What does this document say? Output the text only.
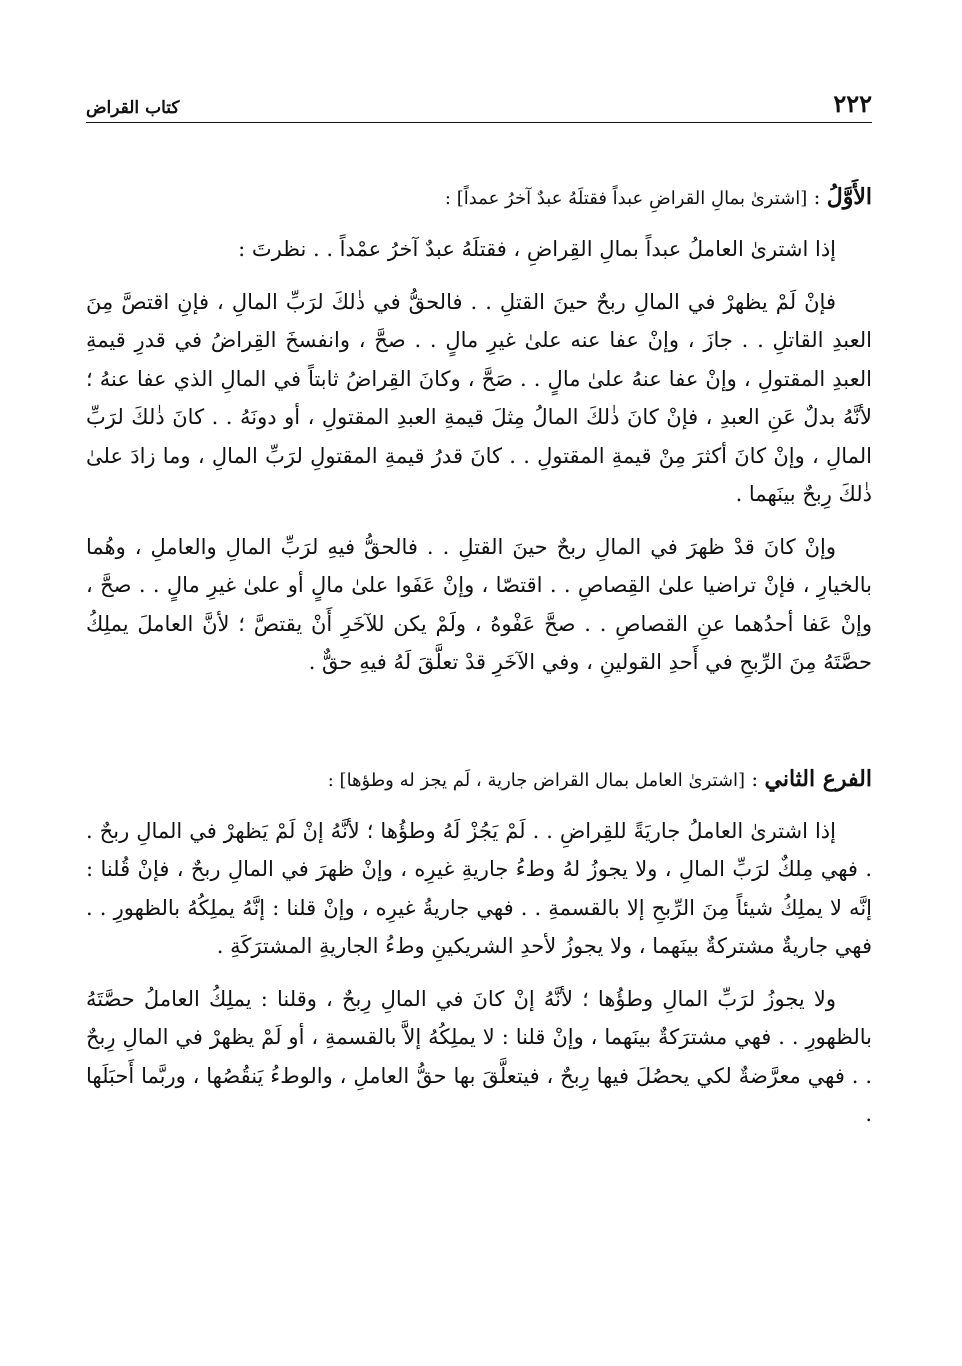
٢٢٢
كتاب القراض
الأَوَّلُ : [اشترىٰ بمالِ القراضِ عبداً فقتلَهُ عبدٌ آخرُ عمداً] :

إذا اشترىٰ العاملُ عبداً بمالِ القِراضِ ، فقتلَهُ عبدٌ آخرُ عمْداً . . نظرتَ :

فإنْ لَمْ يظهرْ في المالِ ربحٌ حينَ القتلِ . . فالحقُّ في ذٰلكَ لرَبِّ المالِ ، فإنِ اقتصَّ مِنَ العبدِ القاتلِ . . جازَ ، وإنْ عفا عنه علىٰ غيرِ مالٍ . . صحَّ ، وانفسخَ القِراضُ في قدرِ قيمةِ العبدِ المقتولِ ، وإنْ عفا عنهُ علىٰ مالٍ . . صَحَّ ، وكانَ القِراضُ ثابتاً في المالِ الذي عفا عنهُ ؛ لأنَّهُ بدلٌ عَنِ العبدِ ، فإنْ كانَ ذٰلكَ المالُ مِثلَ قيمةِ العبدِ المقتولِ ، أو دونَهُ . . كانَ ذٰلكَ لرَبِّ المالِ ، وإنْ كانَ أكثرَ مِنْ قيمةِ المقتولِ . . كانَ قدرُ قيمةِ المقتولِ لرَبِّ المالِ ، وما زادَ علىٰ ذٰلكَ رِبحٌ بينَهما .

وإنْ كانَ قدْ ظهرَ في المالِ ربحٌ حينَ القتلِ . . فالحقُّ فيهِ لرَبِّ المالِ والعاملِ ، وهُما بالخيارِ ، فإنْ تراضيا علىٰ القِصاصِ . . اقتصّا ، وإنْ عَفَوا علىٰ مالٍ أو علىٰ غيرِ مالٍ . . صحَّ ، وإنْ عَفا أحدُهما عنِ القصاصِ . . صحَّ عَفْوهُ ، ولَمْ يكن للآخَرِ أَنْ يقتصَّ ؛ لأنَّ العاملَ يملِكُ حصَّتَهُ مِنَ الرِّبحِ في أَحدِ القولينِ ، وفي الآخَرِ قدْ تعلَّقَ لَهُ فيهِ حقٌّ .

الفرع الثاني : [اشترىٰ العامل بمال القراض جارية ، لَم يجز له وطؤها] :

إذا اشترىٰ العاملُ جاريَةً للقِراضِ . . لَمْ يَجُزْ لَهُ وطؤُها ؛ لأنَّهُ إنْ لَمْ يَظهرْ في المالِ ربحٌ . . فهي مِلكٌ لرَبِّ المالِ ، ولا يجوزُ لهُ وطءُ جاريةِ غيرِه ، وإنْ ظهرَ في المالِ ربحٌ ، فإنْ قُلنا : إنَّه لا يملِكُ شيئاً مِنَ الرِّبحِ إلا بالقسمةِ . . فهي جاريةُ غيرِه ، وإنْ قلنا : إنَّهُ يملِكُهُ بالظهورِ . . فهي جاريةٌ مشتركةٌ بينَهما ، ولا يجوزُ لأحدِ الشريكينِ وطءُ الجاريةِ المشترَكَةِ .

ولا يجوزُ لرَبِّ المالِ وطؤُها ؛ لأنَّهُ إنْ كانَ في المالِ رِبحٌ ، وقلنا : يملِكُ العاملُ حصَّتَهُ بالظهورِ . . فهي مشترَكةٌ بينَهما ، وإنْ قلنا : لا يملِكُهُ إلاَّ بالقسمةِ ، أو لَمْ يظهرْ في المالِ رِبحٌ . . فهي معرَّضةٌ لكي يحصُلَ فيها رِبحٌ ، فيتعلَّقَ بها حقُّ العاملِ ، والوطءُ يَنقُصُها ، وربَّما أَحبَلَها .
